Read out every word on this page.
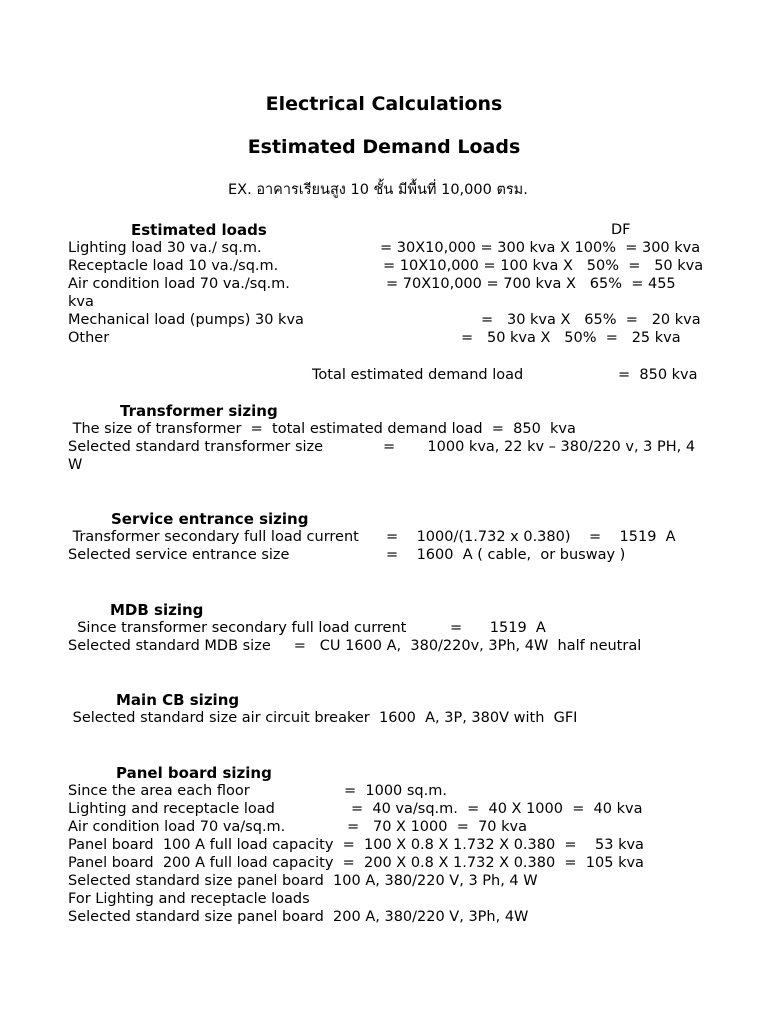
Electrical Calculations
Estimated Demand Loads
EX. อาคารเรียนสูง 10 ชั้น มีพื้นที่ 10,000 ตรม.
Estimated loads	DF
Lighting load 30 va./ sq.m.	= 30X10,000 = 300 kva X 100%  = 300 kva
Receptacle load 10 va./sq.m.	= 10X10,000 = 100 kva X   50%  =   50 kva
Air condition load 70 va./sq.m.	= 70X10,000 = 700 kva X   65%  = 455
kva
Mechanical load (pumps) 30 kva	=   30 kva X   65%  =   20 kva
Other	=   50 kva X   50%  =   25 kva
Total estimated demand load	=  850 kva
Transformer sizing
The size of transformer  =  total estimated demand load  =  850  kva
Selected standard transformer size	=       1000 kva, 22 kv – 380/220 v, 3 PH, 4
W
Service entrance sizing
Transformer secondary full load current =    1000/(1.732 x 0.380)    =    1519  A
Selected service entrance size	=    1600  A ( cable,  or busway )
MDB sizing
Since transformer secondary full load current	=      1519  A
Selected standard MDB size     =   CU 1600 A,  380/220v, 3Ph, 4W  half neutral
Main CB sizing
Selected standard size air circuit breaker  1600  A, 3P, 380V with  GFI
Panel board sizing
Since the area each floor	=  1000 sq.m.
Lighting and receptacle load	=  40 va/sq.m.  =  40 X 1000  =  40 kva
Air condition load 70 va/sq.m.	=   70 X 1000  =  70 kva
Panel board  100 A full load capacity  =  100 X 0.8 X 1.732 X 0.380  =    53 kva
Panel board  200 A full load capacity  =  200 X 0.8 X 1.732 X 0.380  =  105 kva
Selected standard size panel board  100 A, 380/220 V, 3 Ph, 4 W
For Lighting and receptacle loads
Selected standard size panel board  200 A, 380/220 V, 3Ph, 4W
